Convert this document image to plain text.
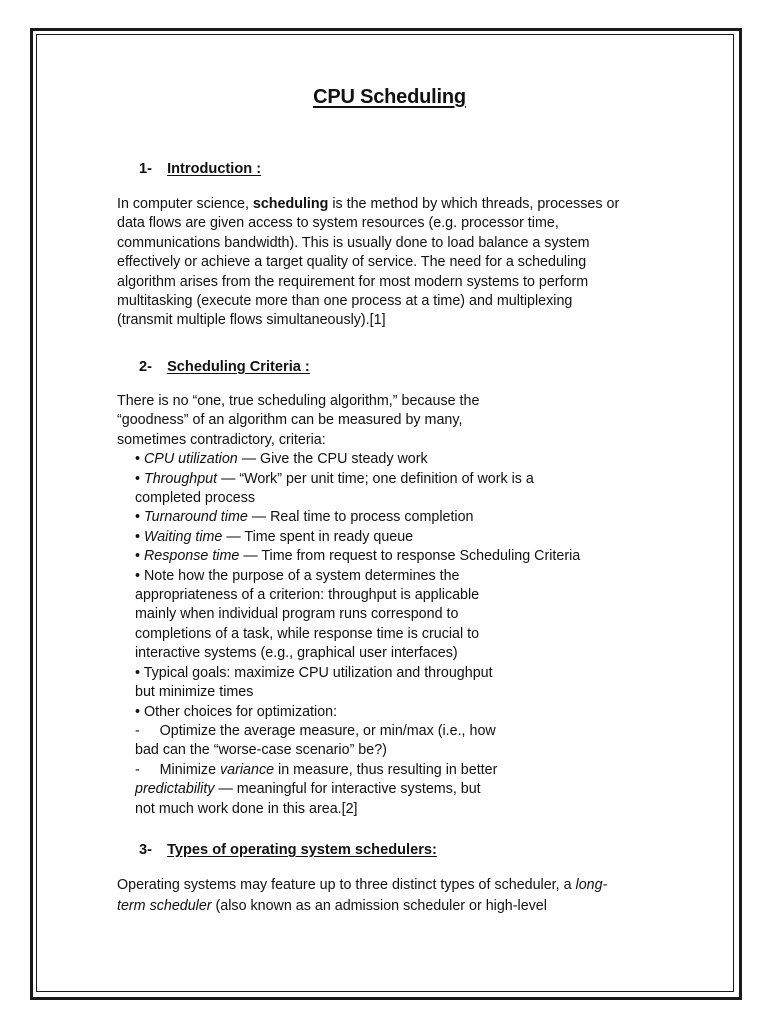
CPU Scheduling
1- Introduction :
In computer science, scheduling is the method by which threads, processes or
data flows are given access to system resources (e.g. processor time,
communications bandwidth). This is usually done to load balance a system
effectively or achieve a target quality of service. The need for a scheduling
algorithm arises from the requirement for most modern systems to perform
multitasking (execute more than one process at a time) and multiplexing
(transmit multiple flows simultaneously).[1]
2- Scheduling Criteria :
There is no “one, true scheduling algorithm,” because the
“goodness” of an algorithm can be measured by many,
sometimes contradictory, criteria:
• CPU utilization — Give the CPU steady work
• Throughput — “Work” per unit time; one definition of work is a
completed process
• Turnaround time — Real time to process completion
• Waiting time — Time spent in ready queue
• Response time — Time from request to response Scheduling Criteria
• Note how the purpose of a system determines the
appropriateness of a criterion: throughput is applicable
mainly when individual program runs correspond to
completions of a task, while response time is crucial to
interactive systems (e.g., graphical user interfaces)
• Typical goals: maximize CPU utilization and throughput
but minimize times
• Other choices for optimization:
-     Optimize the average measure, or min/max (i.e., how
bad can the “worse-case scenario” be?)
-     Minimize variance in measure, thus resulting in better
predictability — meaningful for interactive systems, but
not much work done in this area.[2]
3- Types of operating system schedulers:
Operating systems may feature up to three distinct types of scheduler, a long-
term scheduler (also known as an admission scheduler or high-level
